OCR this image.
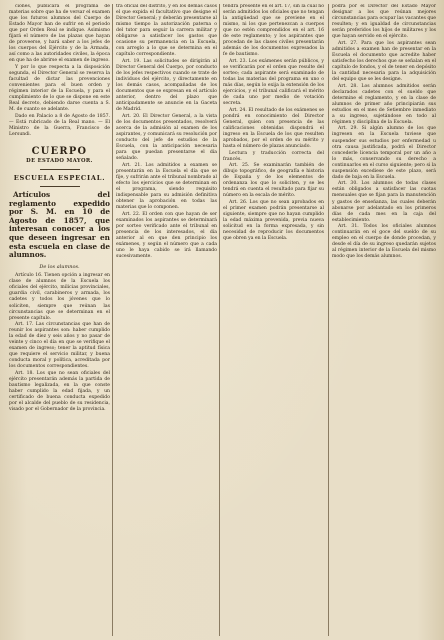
ciones, publicará el programa de materias sobre que ha de versar el examen que los futuros alumnos del Cuerpo de Estado Mayor han de sufrir en el periodo que por Orden Real se indique. Asimismo fijará el número de las plazas que hayan de proveerse, y hará saber a los jefes de los cuerpos del Ejército y de la Armada, así como a las autoridades civiles, la época en que ha de abrirse el examen de ingreso.

Y por lo que respecta a la disposición segunda, el Director General se reserva la facultad de dictar las prevenciones convenientes para el buen orden y régimen interior de la Escuela, y para el cumplimiento de lo que se dispone en este Real decreto, debiendo darse cuenta a S. M. de cuanto se adelante.

Dado en Palacio a 8 de Agosto de 1857. — Está rubricado de la Real mano. — El Ministro de la Guerra, Francisco de Lersundi.

CUERPO
DE ESTADO MAYOR.
ESCUELA ESPECIAL.
Artículos del reglamento expedido por S. M. en 10 de Agosto de 1857, que interesan conocer a los que deseen ingresar en esta escuela en clase de alumnos.
De los alumnos.

Artículo 16. Tienen opción a ingresar en clase de alumnos de la Escuela los oficiales del ejército, milicias provinciales, guardia civil, carabineros y armada, los cadetes y todos los jóvenes que lo soliciten, siempre que reúnan las circunstancias que se determinan en el presente capítulo.

Art. 17. Las circunstancias que han de reunir los aspirantes son: haber cumplido la edad de diez y seis años y no pasar de veinte y cinco el día en que se verifique el examen de ingreso; tener la aptitud física que requiere el servicio militar, y buena conducta moral y política, acreditada por los documentos correspondientes.

Art. 18. Los que no sean oficiales del ejército presentarán además la partida de bautismo legalizada, en la que conste haber cumplido la edad fijada, y un certificado de buena conducta expedido por el alcalde del pueblo de su residencia, visado por el Gobernador de la provincia.

tra oficial del distrito, y en los demás casos el que expida el facultativo que designe el Director General; y deberán presentarse al mismo tiempo la autorización paterna o del tutor para seguir la carrera militar y obligarse a satisfacer los gastos que ocasione su permanencia en la Escuela, con arreglo a lo que se determina en el capítulo correspondiente.

Art. 19. Las solicitudes se dirigirán al Director General del Cuerpo, por conducto de los jefes respectivos cuando se trate de individuos del ejército, y directamente en los demás casos, acompañadas de los documentos que se expresan en el artículo anterior, dentro del plazo que anticipadamente se anuncie en la Gaceta de Madrid.

Art. 20. El Director General, a la vista de los documentos presentados, resolverá acerca de la admisión al examen de los aspirantes, y comunicará su resolución por conducto del jefe de estudios de la Escuela, con la anticipación necesaria para que puedan presentarse el día señalado.

Art. 21. Los admitidos a examen se presentarán en la Escuela el día que se fije, y sufrirán ante el tribunal nombrado al efecto los ejercicios que se determinan en el programa, siendo requisito indispensable para su admisión definitiva obtener la aprobación en todas las materias que lo componen.

Art. 22. El orden con que hayan de ser examinados los aspirantes se determinará por sorteo verificado ante el tribunal en presencia de los interesados, el día anterior al en que den principio los exámenes, y según el número que a cada uno le haya cabido se irá llamando sucesivamente.

tendrá presente en el art. 17, sin la cual no serán admitidos los oficiales que no tengan la antigüedad que se previene en el mismo, ni los que pertenezcan a cuerpos que no estén comprendidos en el art. 16 de este reglamento; y los aspirantes que procedan de las clases civiles presentarán además de los documentos expresados la fe de bautismo.

Art. 23. Los exámenes serán públicos, y se verificarán por el orden que resulte del sorteo; cada aspirante será examinado de todas las materias del programa en uno o más días, según lo exija la extensión de los ejercicios, y el tribunal calificará el mérito de cada uno por medio de votación secreta.

Art. 24. El resultado de los exámenes se pondrá en conocimiento del Director General, quien con presencia de las calificaciones obtenidas dispondrá el ingreso en la Escuela de los que resulten aprobados, por el orden de su mérito y hasta el número de plazas anunciado.

Lectura y traducción correcta del francés.

Art. 25. Se examinarán también de dibujo topográfico, de geografía e historia de España y de los elementos de ordenanza los que lo soliciten, y se les tendrá en cuenta el resultado para fijar su número en la escala de mérito.

Art. 26. Los que no sean aprobados en el primer examen podrán presentarse al siguiente, siempre que no hayan cumplido la edad máxima prevenida, previa nueva solicitud en la forma expresada, y sin necesidad de reproducir los documentos que obren ya en la Escuela.

podrá por el Director del Estado Mayor designar a los que reúnan mejores circunstancias para ocupar las vacantes que resulten; y en igualdad de circunstancias serán preferidos los hijos de militares y los que hayan servido en el ejército.

Art. 27. Para que los aspirantes sean admitidos a examen han de presentar en la Escuela el documento que acredite haber satisfecho los derechos que se señalan en el capítulo de fondos, y el de tener en depósito la cantidad necesaria para la adquisición del equipo que se les designe.

Art. 28. Los alumnos admitidos serán declarados cadetes con el sueldo que determine el reglamento, y en la clase de alumnos de primer año principiarán sus estudios en el mes de Setiembre inmediato a su ingreso, sujetándose en todo al régimen y disciplina de la Escuela.

Art. 29. Si algún alumno de los que ingresen en la Escuela tuviese que suspender sus estudios por enfermedad u otra causa justificada, podrá el Director concederle licencia temporal por un año a lo más, conservando su derecho a continuarlos en el curso siguiente; pero si la suspensión excediese de este plazo, será dado de baja en la Escuela.

Art. 30. Los alumnos de todas clases están obligados a satisfacer las cuotas mensuales que se fijan para la manutención y gastos de enseñanza, las cuales deberán abonarse por adelantado en los primeros días de cada mes en la caja del establecimiento.

Art. 31. Todos los oficiales alumnos continuarán en el goce del sueldo de su empleo en el cuerpo de donde procedan, y desde el día de su ingreso quedarán sujetos al régimen interior de la Escuela del mismo modo que los demás alumnos.
